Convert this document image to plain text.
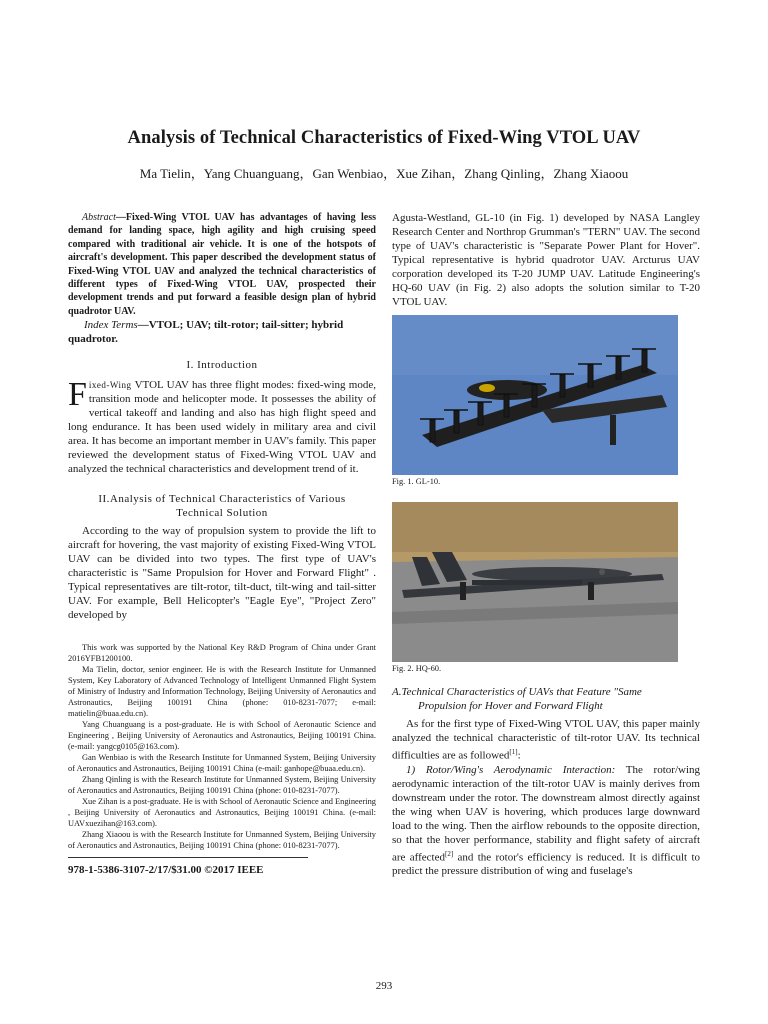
Analysis of Technical Characteristics of Fixed-Wing VTOL UAV
Ma Tielin，Yang Chuanguang，Gan Wenbiao，Xue Zihan，Zhang Qinling，Zhang Xiaoou

Abstract—Fixed-Wing VTOL UAV has advantages of having less demand for landing space, high agility and high cruising speed compared with traditional air vehicle. It is one of the hotspots of aircraft's development. This paper described the development status of Fixed-Wing VTOL UAV and analyzed the technical characteristics of different types of Fixed-Wing VTOL UAV, prospected their development trends and put forward a feasible design plan of hybrid quadrotor UAV.

Index Terms—VTOL; UAV; tilt-rotor; tail-sitter; hybrid quadrotor.

I. Introduction

Fixed-Wing VTOL UAV has three flight modes: fixed-wing mode, transition mode and helicopter mode. It possesses the ability of vertical takeoff and landing and also has high flight speed and long endurance. It has been used widely in military area and civil area. It has become an important member in UAV's family. This paper reviewed the development status of Fixed-Wing VTOL UAV and analyzed the technical characteristics and development trend of it.

II.Analysis of Technical Characteristics of Various

Technical Solution

According to the way of propulsion system to provide the lift to aircraft for hovering, the vast majority of existing Fixed-Wing VTOL UAV can be divided into two types. The first type of UAV's characteristic is "Same Propulsion for Hover and Forward Flight" . Typical representatives are tilt-rotor, tilt-duct, tilt-wing and tail-sitter UAV. For example, Bell Helicopter's "Eagle Eye", "Project Zero" developed by

This work was supported by the National Key R&D Program of China under Grant 2016YFB1200100.

Ma Tielin, doctor, senior engineer. He is with the Research Institute for Unmanned System, Key Laboratory of Advanced Technology of Intelligent Unmanned Flight System of Ministry of Industry and Information Technology, Beijing University of Aeronautics and Astronautics, Beijing 100191 China (phone: 010-8231-7077; e-mail: matielin@buaa.edu.cn).

Yang Chuanguang is a post-graduate. He is with School of Aeronautic Science and Engineering , Beijing University of Aeronautics and Astronautics, Beijing 100191 China. (e-mail: yangcg0105@163.com).

Gan Wenbiao is with the Research Institute for Unmanned System, Beijing University of Aeronautics and Astronautics, Beijing 100191 China (e-mail: ganhope@buaa.edu.cn).

Zhang Qinling is with the Research Institute for Unmanned System, Beijing University of Aeronautics and Astronautics, Beijing 100191 China (phone: 010-8231-7077).

Xue Zihan is a post-graduate. He is with School of Aeronautic Science and Engineering , Beijing University of Aeronautics and Astronautics, Beijing 100191 China. (e-mail: UAVxuezihan@163.com).

Zhang Xiaoou is with the Research Institute for Unmanned System, Beijing University of Aeronautics and Astronautics, Beijing 100191 China (phone: 010-8231-7077).

978-1-5386-3107-2/17/$31.00 ©2017 IEEE

Agusta-Westland, GL-10 (in Fig. 1) developed by NASA Langley Research Center and Northrop Grumman's "TERN" UAV. The second type of UAV's characteristic is "Separate Power Plant for Hover". Typical representative is hybrid quadrotor UAV. Arcturus UAV corporation developed its T-20 JUMP UAV. Latitude Engineering's HQ-60 UAV (in Fig. 2) also adopts the solution similar to T-20 VTOL UAV.

Fig. 1. GL-10.

Fig. 2. HQ-60.

A.Technical Characteristics of UAVs that Feature "Same
Propulsion for Hover and Forward Flight

As for the first type of Fixed-Wing VTOL UAV, this paper mainly analyzed the technical characteristic of tilt-rotor UAV. Its technical difficulties are as followed[1]:

1) Rotor/Wing's Aerodynamic Interaction: The rotor/wing aerodynamic interaction of the tilt-rotor UAV is mainly derives from downstream under the rotor. The downstream almost directly against the wing when UAV is hovering, which produces large downward load to the wing. Then the airflow rebounds to the opposite direction, so that the hover performance, stability and flight safety of aircraft are affected[2] and the rotor's efficiency is reduced. It is difficult to predict the pressure distribution of wing and fuselage's

293
